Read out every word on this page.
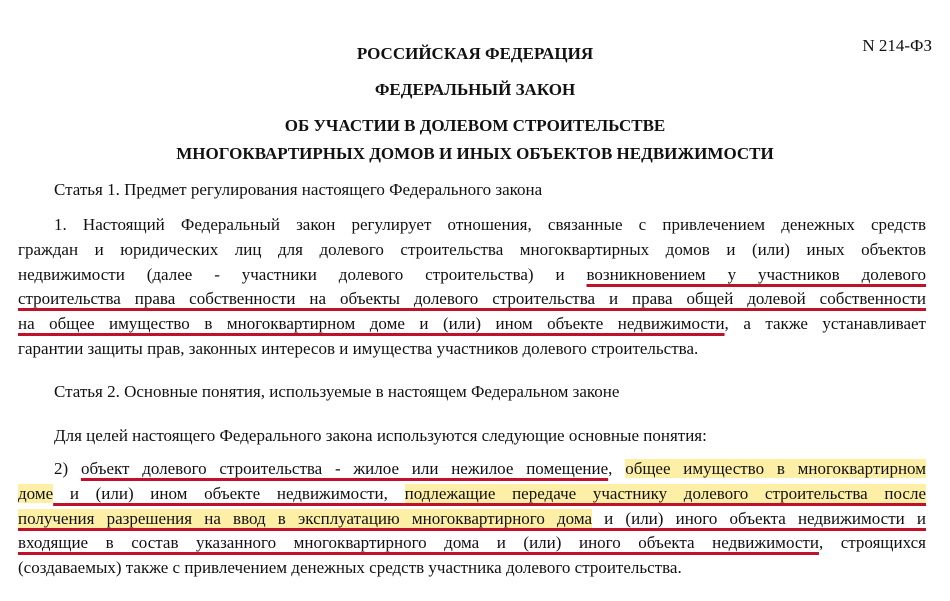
N 214-ФЗ
РОССИЙСКАЯ ФЕДЕРАЦИЯ
ФЕДЕРАЛЬНЫЙ ЗАКОН
ОБ УЧАСТИИ В ДОЛЕВОМ СТРОИТЕЛЬСТВЕ
МНОГОКВАРТИРНЫХ ДОМОВ И ИНЫХ ОБЪЕКТОВ НЕДВИЖИМОСТИ
Статья 1. Предмет регулирования настоящего Федерального закона
1. Настоящий Федеральный закон регулирует отношения, связанные с привлечением денежных средств
граждан и юридических лиц для долевого строительства многоквартирных домов и (или) иных объектов
недвижимости (далее - участники долевого строительства) и возникновением у участников долевого
строительства права собственности на объекты долевого строительства и права общей долевой собственности
на общее имущество в многоквартирном доме и (или) ином объекте недвижимости, а также устанавливает
гарантии защиты прав, законных интересов и имущества участников долевого строительства.
Статья 2. Основные понятия, используемые в настоящем Федеральном законе
Для целей настоящего Федерального закона используются следующие основные понятия:
2) объект долевого строительства - жилое или нежилое помещение, общее имущество в многоквартирном
доме и (или) ином объекте недвижимости, подлежащие передаче участнику долевого строительства после
получения разрешения на ввод в эксплуатацию многоквартирного дома и (или) иного объекта недвижимости и
входящие в состав указанного многоквартирного дома и (или) иного объекта недвижимости, строящихся
(создаваемых) также с привлечением денежных средств участника долевого строительства.
